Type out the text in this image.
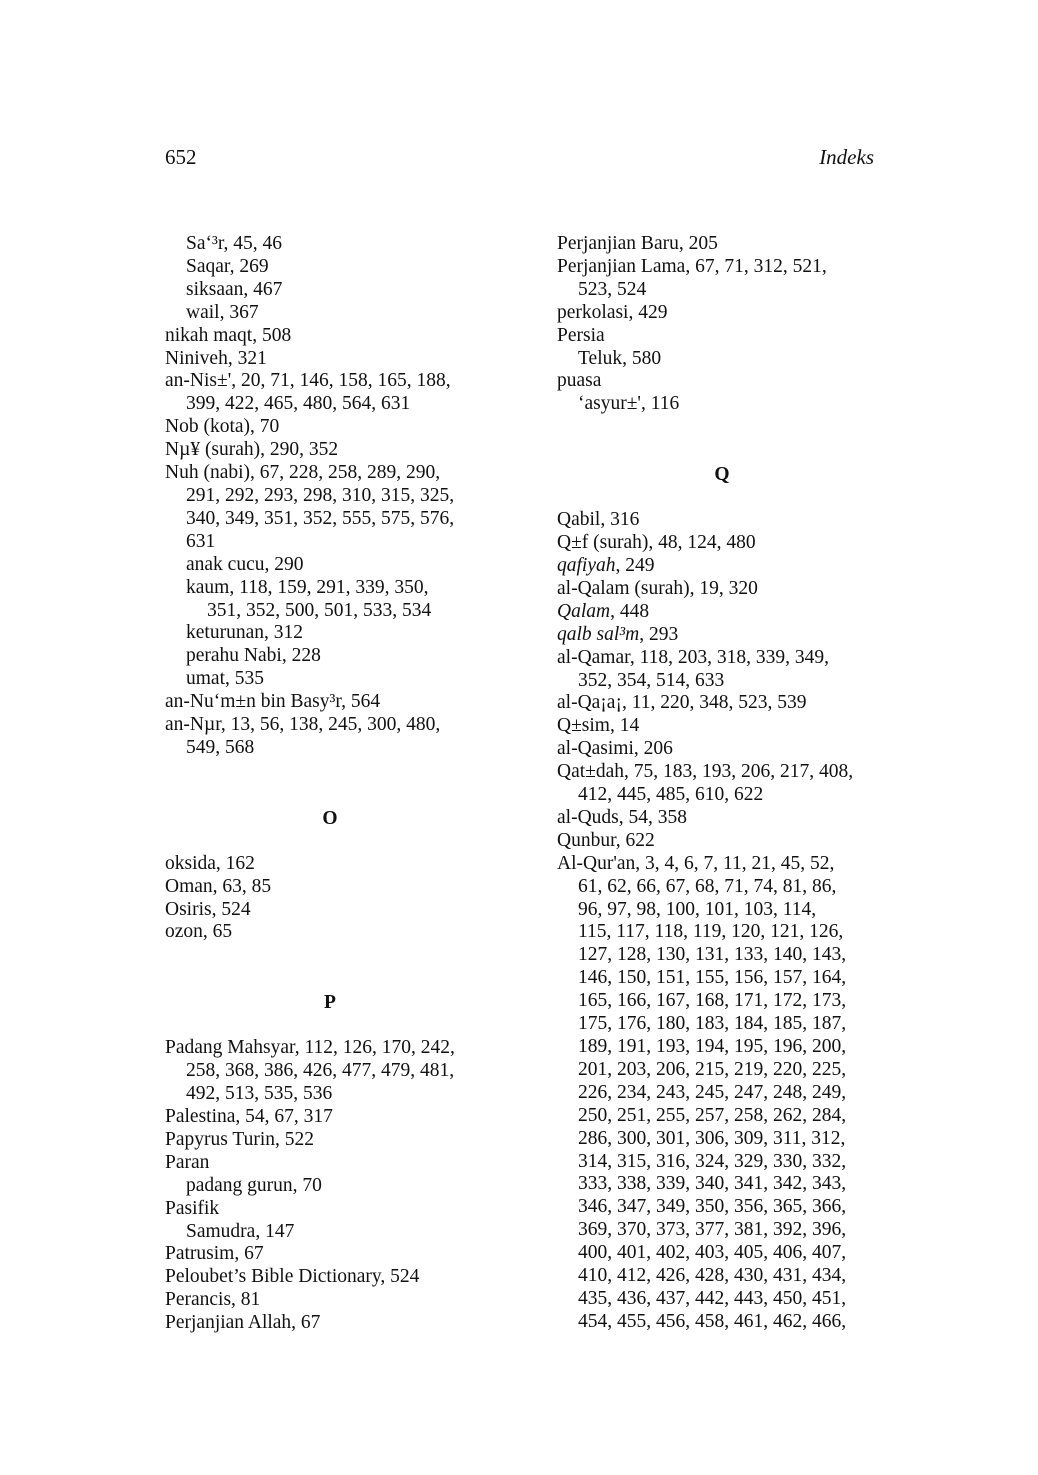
652	Indeks
Sa‘³r, 45, 46
Saqar, 269
siksaan, 467
wail, 367
nikah maqt, 508
Niniveh, 321
an-Nis±', 20, 71, 146, 158, 165, 188,
399, 422, 465, 480, 564, 631
Nob (kota), 70
Nµ¥ (surah), 290, 352
Nuh (nabi), 67, 228, 258, 289, 290,
291, 292, 293, 298, 310, 315, 325,
340, 349, 351, 352, 555, 575, 576,
631
anak cucu, 290
kaum, 118, 159, 291, 339, 350,
351, 352, 500, 501, 533, 534
keturunan, 312
perahu Nabi, 228
umat, 535
an-Nu‘m±n bin Basy³r, 564
an-Nµr, 13, 56, 138, 245, 300, 480,
549, 568
O
oksida, 162
Oman, 63, 85
Osiris, 524
ozon, 65
P
Padang Mahsyar, 112, 126, 170, 242,
258, 368, 386, 426, 477, 479, 481,
492, 513, 535, 536
Palestina, 54, 67, 317
Papyrus Turin, 522
Paran
padang gurun, 70
Pasifik
Samudra, 147
Patrusim, 67
Peloubet’s Bible Dictionary, 524
Perancis, 81
Perjanjian Allah, 67
Perjanjian Baru, 205
Perjanjian Lama, 67, 71, 312, 521,
523, 524
perkolasi, 429
Persia
Teluk, 580
puasa
‘asyur±', 116
Q
Qabil, 316
Q±f (surah), 48, 124, 480
qafiyah, 249
al-Qalam (surah), 19, 320
Qalam, 448
qalb sal³m, 293
al-Qamar, 118, 203, 318, 339, 349,
352, 354, 514, 633
al-Qa¡a¡, 11, 220, 348, 523, 539
Q±sim, 14
al-Qasimi, 206
Qat±dah, 75, 183, 193, 206, 217, 408,
412, 445, 485, 610, 622
al-Quds, 54, 358
Qunbur, 622
Al-Qur'an, 3, 4, 6, 7, 11, 21, 45, 52,
61, 62, 66, 67, 68, 71, 74, 81, 86,
96, 97, 98, 100, 101, 103, 114,
115, 117, 118, 119, 120, 121, 126,
127, 128, 130, 131, 133, 140, 143,
146, 150, 151, 155, 156, 157, 164,
165, 166, 167, 168, 171, 172, 173,
175, 176, 180, 183, 184, 185, 187,
189, 191, 193, 194, 195, 196, 200,
201, 203, 206, 215, 219, 220, 225,
226, 234, 243, 245, 247, 248, 249,
250, 251, 255, 257, 258, 262, 284,
286, 300, 301, 306, 309, 311, 312,
314, 315, 316, 324, 329, 330, 332,
333, 338, 339, 340, 341, 342, 343,
346, 347, 349, 350, 356, 365, 366,
369, 370, 373, 377, 381, 392, 396,
400, 401, 402, 403, 405, 406, 407,
410, 412, 426, 428, 430, 431, 434,
435, 436, 437, 442, 443, 450, 451,
454, 455, 456, 458, 461, 462, 466,
